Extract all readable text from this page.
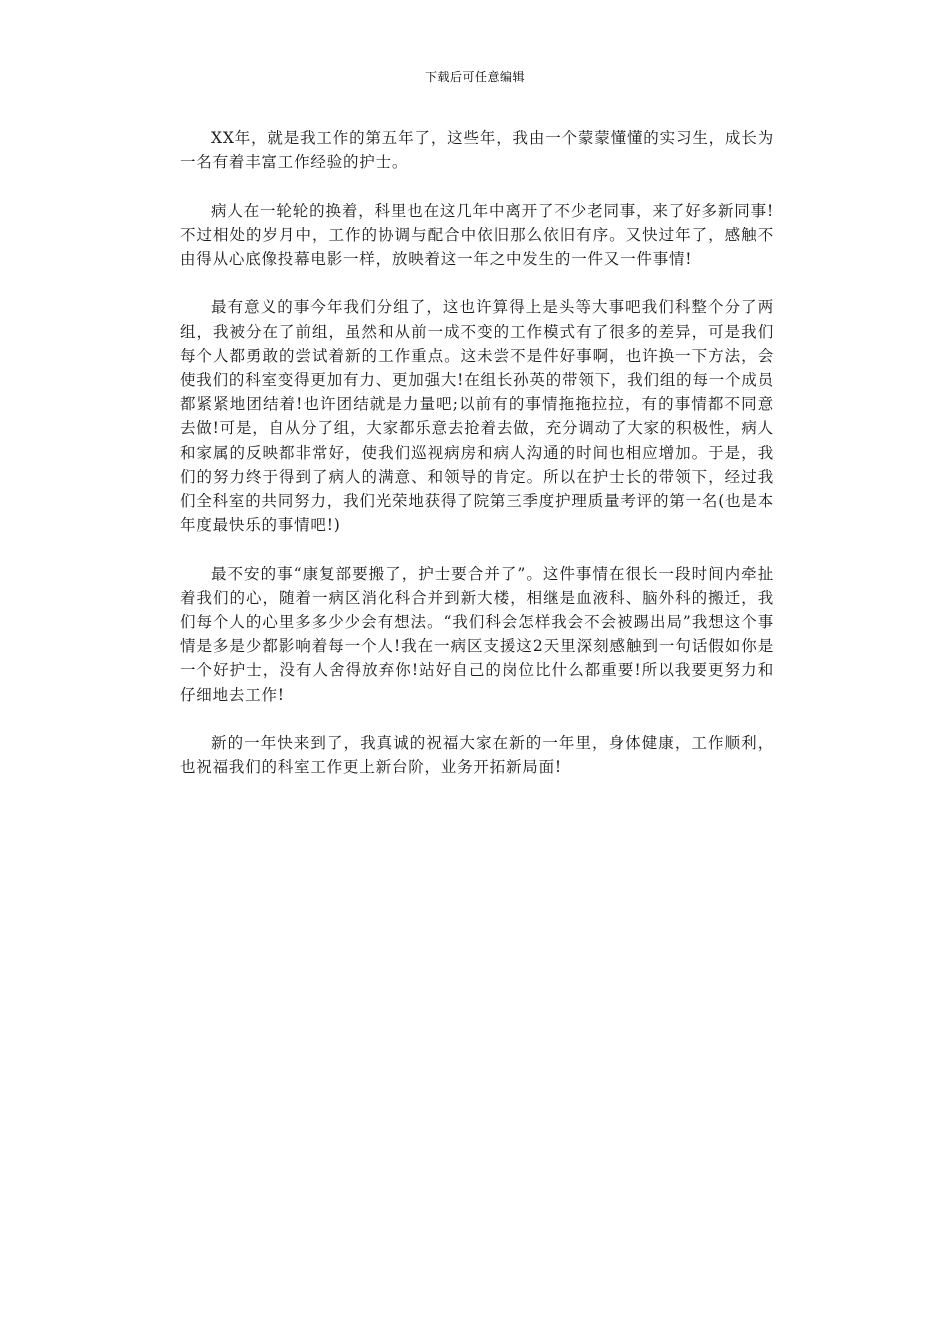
下载后可任意编辑

XX年，就是我工作的第五年了，这些年，我由一个蒙蒙懂懂的实习生，成长为一名有着丰富工作经验的护士。

病人在一轮轮的换着，科里也在这几年中离开了不少老同事，来了好多新同事!不过相处的岁月中，工作的协调与配合中依旧那么依旧有序。又快过年了，感触不由得从心底像投幕电影一样，放映着这一年之中发生的一件又一件事情!

最有意义的事今年我们分组了，这也许算得上是头等大事吧我们科整个分了两组，我被分在了前组，虽然和从前一成不变的工作模式有了很多的差异，可是我们每个人都勇敢的尝试着新的工作重点。这未尝不是件好事啊，也许换一下方法，会使我们的科室变得更加有力、更加强大!在组长孙英的带领下，我们组的每一个成员都紧紧地团结着!也许团结就是力量吧;以前有的事情拖拖拉拉，有的事情都不同意去做!可是，自从分了组，大家都乐意去抢着去做，充分调动了大家的积极性，病人和家属的反映都非常好，使我们巡视病房和病人沟通的时间也相应增加。于是，我们的努力终于得到了病人的满意、和领导的肯定。所以在护士长的带领下，经过我们全科室的共同努力，我们光荣地获得了院第三季度护理质量考评的第一名(也是本年度最快乐的事情吧!)

最不安的事“康复部要搬了，护士要合并了”。这件事情在很长一段时间内牵扯着我们的心，随着一病区消化科合并到新大楼，相继是血液科、脑外科的搬迁，我们每个人的心里多多少少会有想法。“我们科会怎样我会不会被踢出局”我想这个事情是多是少都影响着每一个人!我在一病区支援这2天里深刻感触到一句话假如你是一个好护士，没有人舍得放弃你!站好自己的岗位比什么都重要!所以我要更努力和仔细地去工作!

新的一年快来到了，我真诚的祝福大家在新的一年里，身体健康，工作顺利，也祝福我们的科室工作更上新台阶，业务开拓新局面!
